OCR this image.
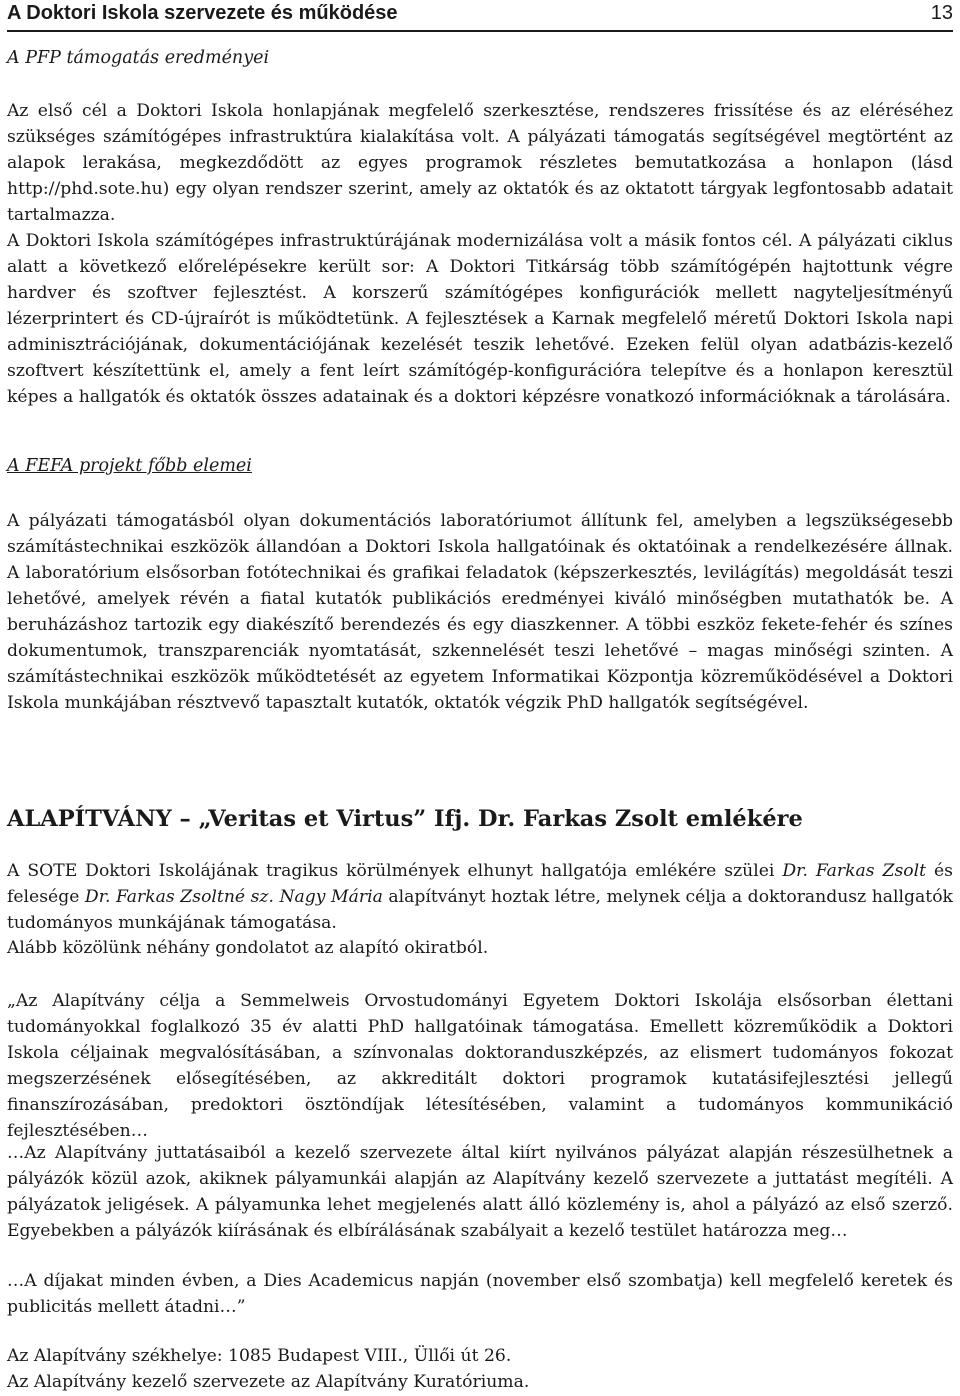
A Doktori Iskola szervezete és működése	13
A PFP támogatás eredményei

Az első cél a Doktori Iskola honlapjának megfelelő szerkesztése, rendszeres frissítése és az eléréséhez szükséges számítógépes infrastruktúra kialakítása volt. A pályázati támogatás segítségével megtörtént az alapok lerakása, megkezdődött az egyes programok részletes bemutatkozása a honlapon (lásd http://phd.sote.hu) egy olyan rendszer szerint, amely az oktatók és az oktatott tárgyak legfontosabb adatait tartalmazza.

A Doktori Iskola számítógépes infrastruktúrájának modernizálása volt a másik fontos cél. A pályázati ciklus alatt a következő előrelépésekre került sor: A Doktori Titkárság több számítógépén hajtottunk végre hardver és szoftver fejlesztést. A korszerű számítógépes konfigurációk mellett nagyteljesítményű lézerprintert és CD-újraírót is működtetünk. A fejlesztések a Karnak megfelelő méretű Doktori Iskola napi adminisztrációjának, dokumentációjának kezelését teszik lehetővé. Ezeken felül olyan adatbázis-kezelő szoftvert készítettünk el, amely a fent leírt számítógép-konfigurációra telepítve és a honlapon keresztül képes a hallgatók és oktatók összes adatainak és a doktori képzésre vonatkozó információknak a tárolására.

A FEFA projekt főbb elemei

A pályázati támogatásból olyan dokumentációs laboratóriumot állítunk fel, amelyben a legszükségesebb számítástechnikai eszközök állandóan a Doktori Iskola hallgatóinak és oktatóinak a rendelkezésére állnak. A laboratórium elsősorban fotótechnikai és grafikai feladatok (képszerkesztés, levilágítás) megoldását teszi lehetővé, amelyek révén a fiatal kutatók publikációs eredményei kiváló minőségben mutathatók be. A beruházáshoz tartozik egy diakészítő berendezés és egy diaszkenner. A többi eszköz fekete-fehér és színes dokumentumok, transzparenciák nyomtatását, szkennelését teszi lehetővé – magas minőségi szinten. A számítástechnikai eszközök működtetését az egyetem Informatikai Központja közreműködésével a Doktori Iskola munkájában résztvevő tapasztalt kutatók, oktatók végzik PhD hallgatók segítségével.

ALAPÍTVÁNY – „Veritas et Virtus” Ifj. Dr. Farkas Zsolt emlékére

A SOTE Doktori Iskolájának tragikus körülmények elhunyt hallgatója emlékére szülei Dr. Farkas Zsolt és felesége Dr. Farkas Zsoltné sz. Nagy Mária alapítványt hoztak létre, melynek célja a doktorandusz hallgatók tudományos munkájának támogatása.

Alább közölünk néhány gondolatot az alapító okiratból.

„Az Alapítvány célja a Semmelweis Orvostudományi Egyetem Doktori Iskolája elsősorban élettani tudományokkal foglalkozó 35 év alatti PhD hallgatóinak támogatása. Emellett közreműködik a Doktori Iskola céljainak megvalósításában, a színvonalas doktoranduszképzés, az elismert tudományos fokozat megszerzésének elősegítésében, az akkreditált doktori programok kutatásifejlesztési jellegű finanszírozásában, predoktori ösztöndíjak létesítésében, valamint a tudományos kommunikáció fejlesztésében…

…Az Alapítvány juttatásaiból a kezelő szervezete által kiírt nyilvános pályázat alapján részesülhetnek a pályázók közül azok, akiknek pályamunkái alapján az Alapítvány kezelő szervezete a juttatást megítéli. A pályázatok jeligések. A pályamunka lehet megjelenés alatt álló közlemény is, ahol a pályázó az első szerző. Egyebekben a pályázók kiírásának és elbírálásának szabályait a kezelő testület határozza meg…

…A díjakat minden évben, a Dies Academicus napján (november első szombatja) kell megfelelő keretek és publicitás mellett átadni…”

Az Alapítvány székhelye: 1085 Budapest VIII., Üllői út 26.
Az Alapítvány kezelő szervezete az Alapítvány Kuratóriuma.
